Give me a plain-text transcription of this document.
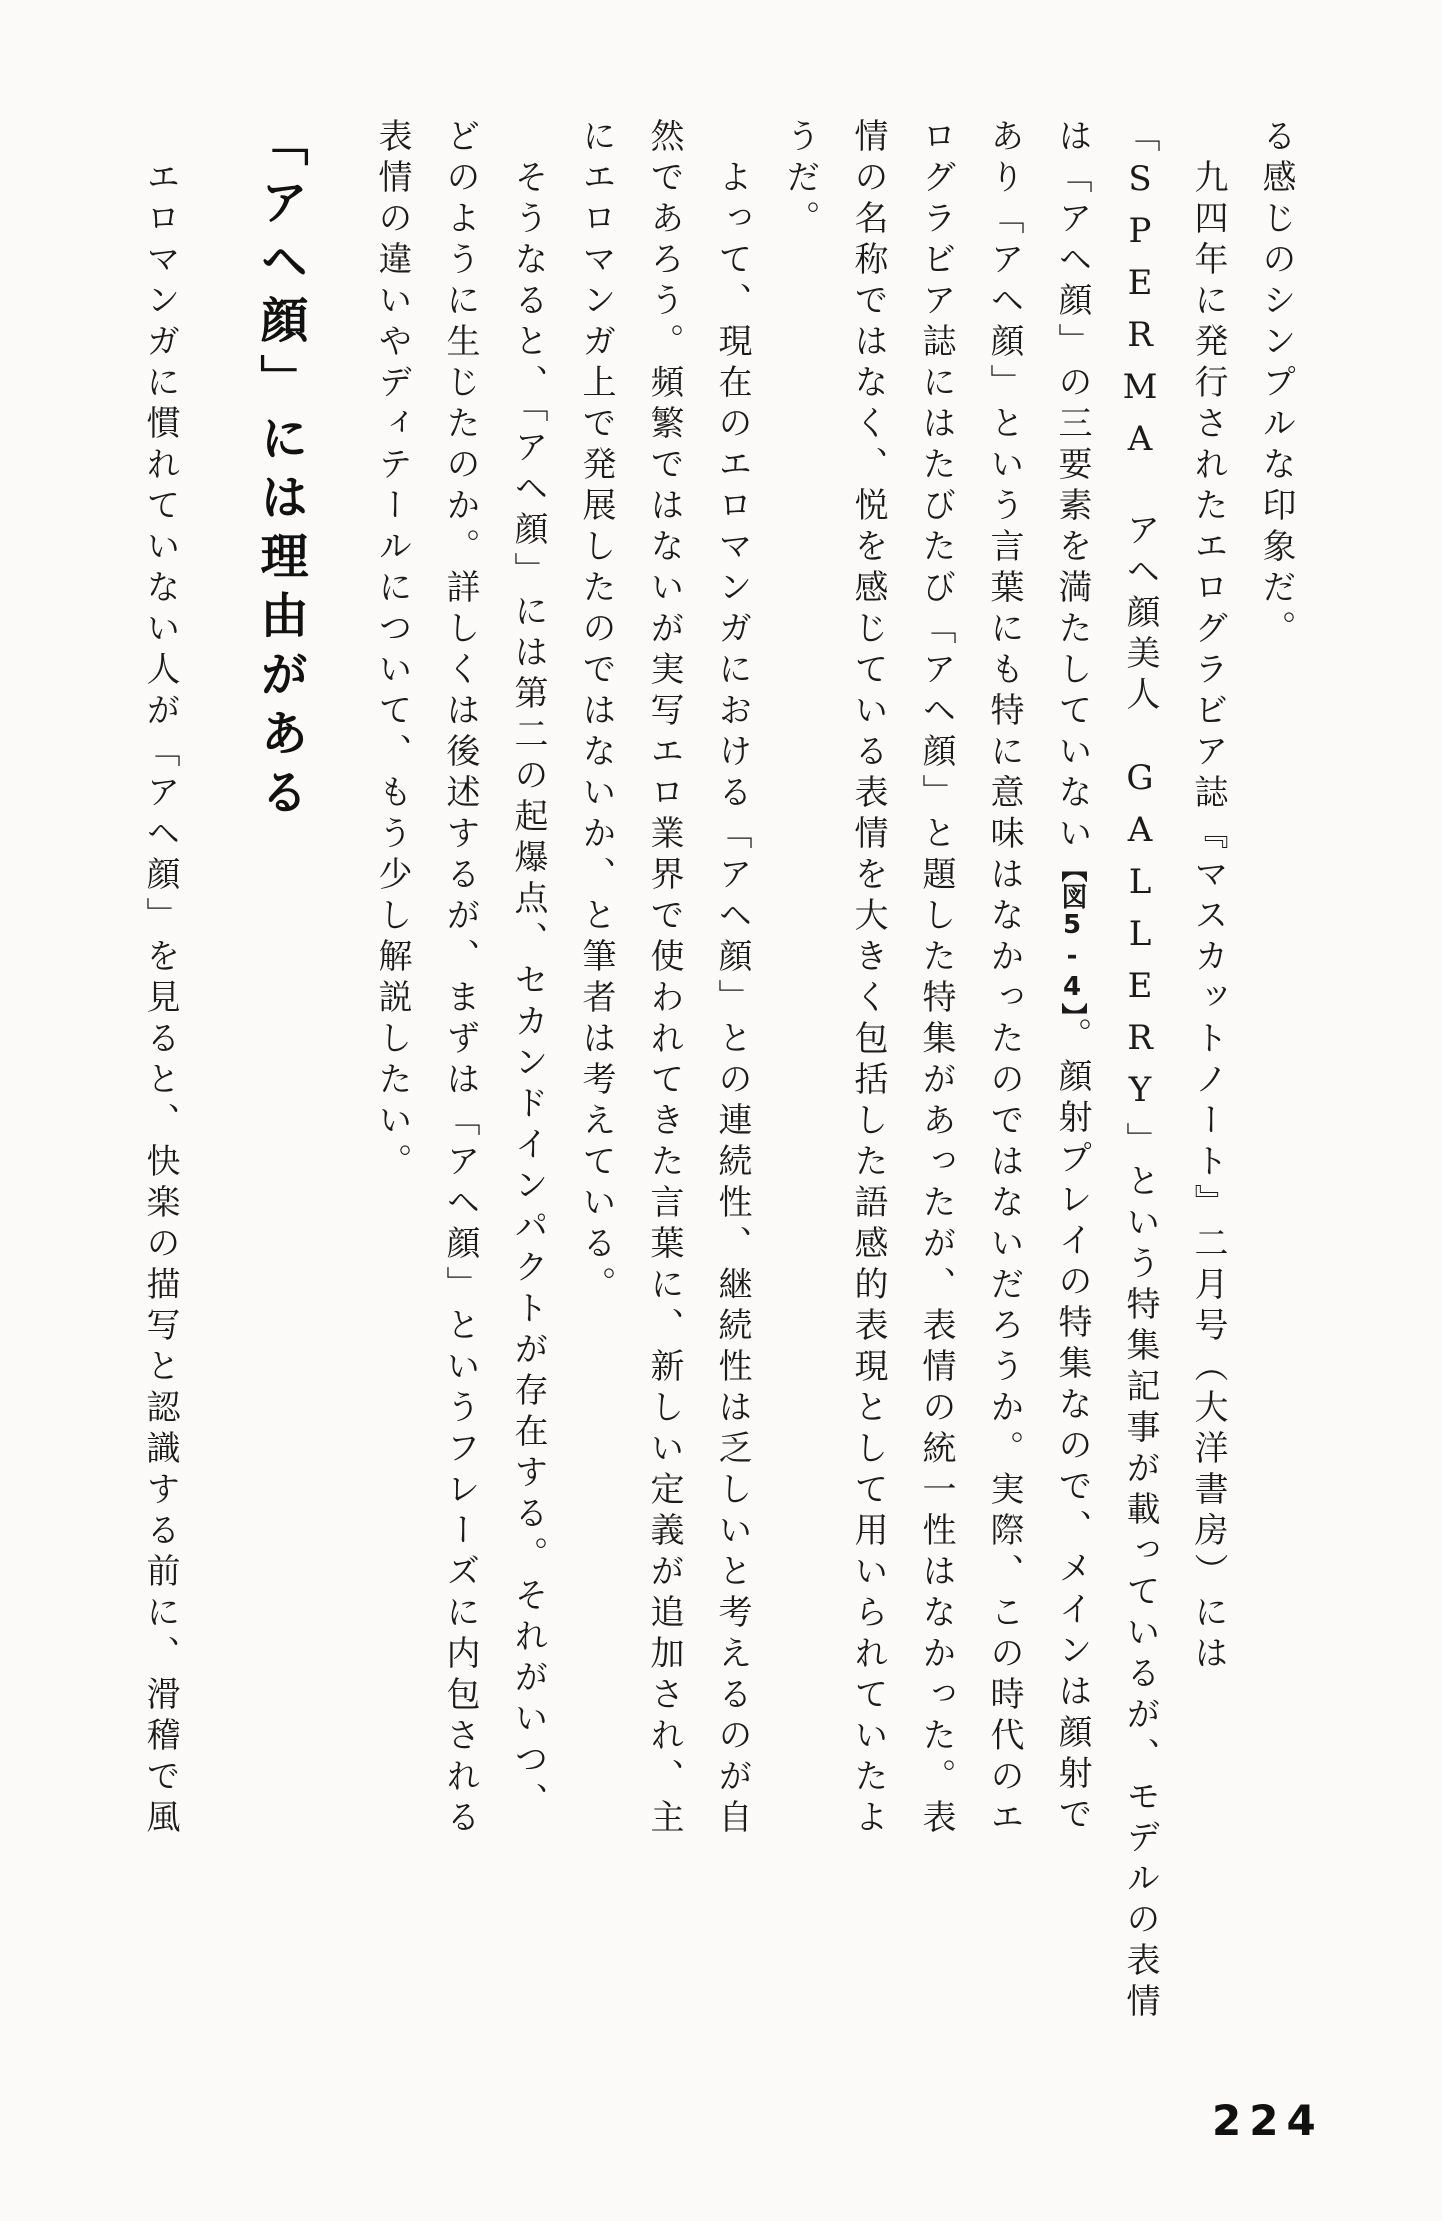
る感じのシンプルな印象だ。

　九四年に発行されたエログラビア誌『マスカットノート』二月号（大洋書房）には

「SPERMA　アヘ顔美人　GALLERY」という特集記事が載っているが、モデルの表情

は「アヘ顔」の三要素を満たしていない【図5-4】。顔射プレイの特集なので、メインは顔射で

あり「アヘ顔」という言葉にも特に意味はなかったのではないだろうか。実際、この時代のエ

ログラビア誌にはたびたび「アヘ顔」と題した特集があったが、表情の統一性はなかった。表

情の名称ではなく、悦を感じている表情を大きく包括した語感的表現として用いられていたよ

うだ。

　よって、現在のエロマンガにおける「アヘ顔」との連続性、継続性は乏しいと考えるのが自

然であろう。頻繁ではないが実写エロ業界で使われてきた言葉に、新しい定義が追加され、主

にエロマンガ上で発展したのではないか、と筆者は考えている。

　そうなると、「アヘ顔」には第二の起爆点、セカンドインパクトが存在する。それがいつ、

どのように生じたのか。詳しくは後述するが、まずは「アヘ顔」というフレーズに内包される

表情の違いやディテールについて、もう少し解説したい。

「アヘ顔」には理由がある

　エロマンガに慣れていない人が「アヘ顔」を見ると、快楽の描写と認識する前に、滑稽で風

224
